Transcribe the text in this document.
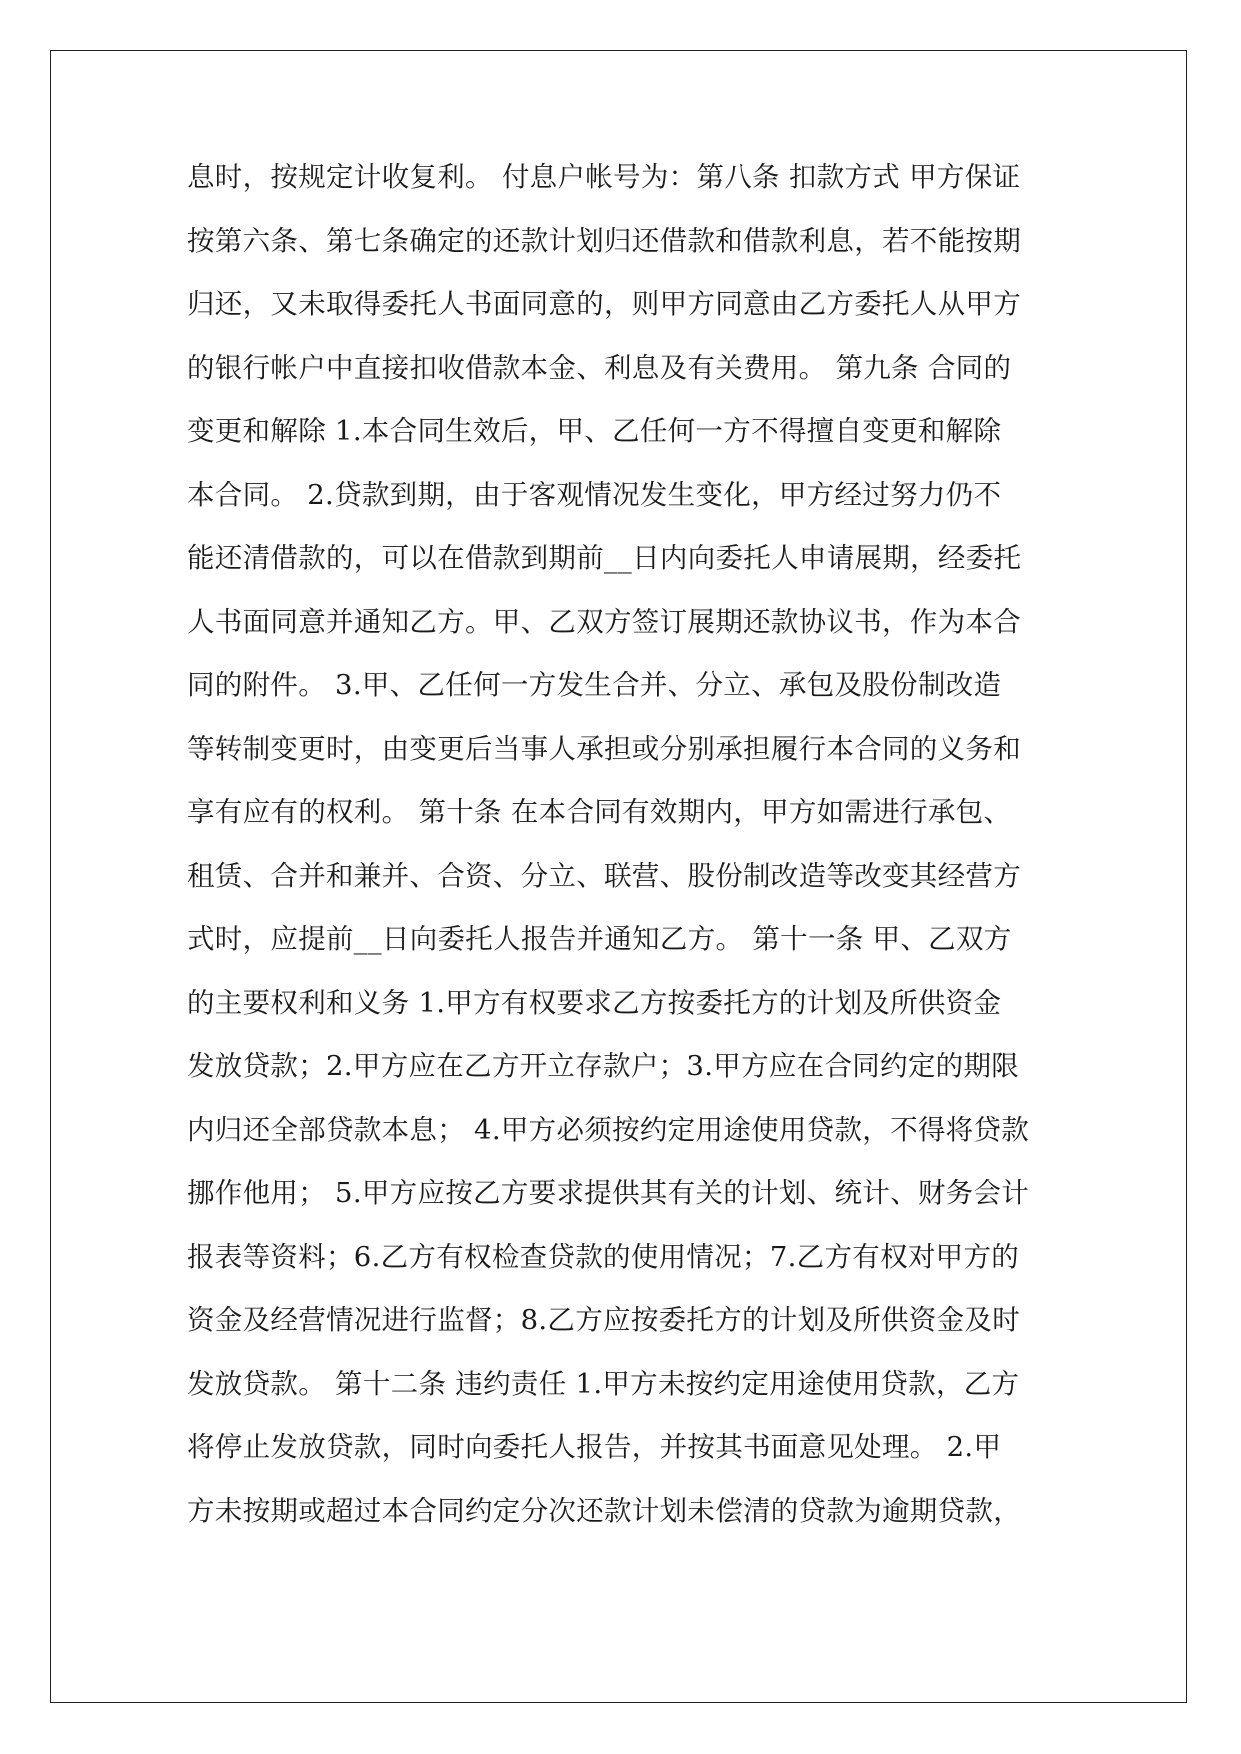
息时，按规定计收复利。 付息户帐号为：第八条 扣款方式 甲方保证
按第六条、第七条确定的还款计划归还借款和借款利息，若不能按期
归还，又未取得委托人书面同意的，则甲方同意由乙方委托人从甲方
的银行帐户中直接扣收借款本金、利息及有关费用。 第九条 合同的
变更和解除 1.本合同生效后，甲、乙任何一方不得擅自变更和解除
本合同。 2.贷款到期，由于客观情况发生变化，甲方经过努力仍不
能还清借款的，可以在借款到期前__日内向委托人申请展期，经委托
人书面同意并通知乙方。甲、乙双方签订展期还款协议书，作为本合
同的附件。 3.甲、乙任何一方发生合并、分立、承包及股份制改造
等转制变更时，由变更后当事人承担或分别承担履行本合同的义务和
享有应有的权利。 第十条 在本合同有效期内，甲方如需进行承包、
租赁、合并和兼并、合资、分立、联营、股份制改造等改变其经营方
式时，应提前__日向委托人报告并通知乙方。 第十一条 甲、乙双方
的主要权利和义务 1.甲方有权要求乙方按委托方的计划及所供资金
发放贷款；2.甲方应在乙方开立存款户；3.甲方应在合同约定的期限
内归还全部贷款本息； 4.甲方必须按约定用途使用贷款，不得将贷款
挪作他用； 5.甲方应按乙方要求提供其有关的计划、统计、财务会计
报表等资料；6.乙方有权检查贷款的使用情况；7.乙方有权对甲方的
资金及经营情况进行监督；8.乙方应按委托方的计划及所供资金及时
发放贷款。 第十二条 违约责任 1.甲方未按约定用途使用贷款，乙方
将停止发放贷款，同时向委托人报告，并按其书面意见处理。 2.甲
方未按期或超过本合同约定分次还款计划未偿清的贷款为逾期贷款，
